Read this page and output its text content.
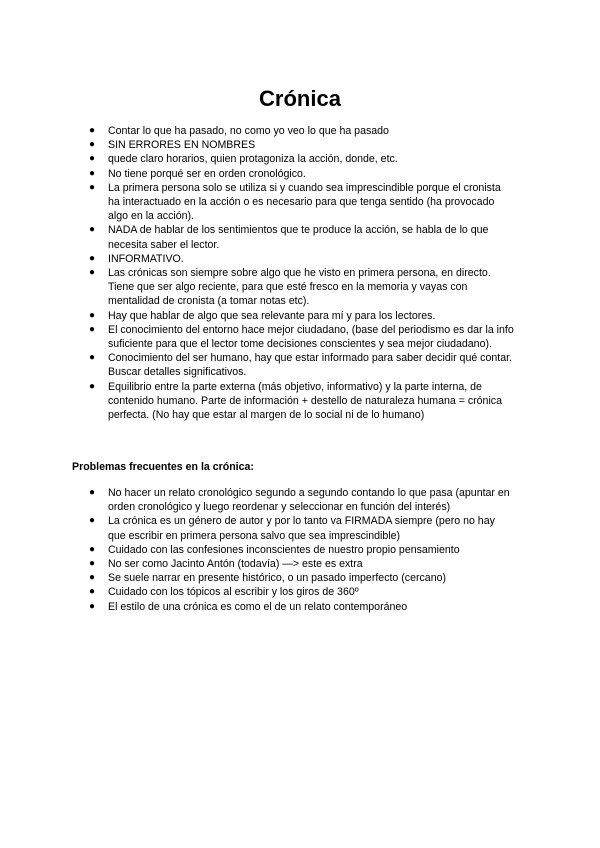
Crónica
● Contar lo que ha pasado, no como yo veo lo que ha pasado
● SIN ERRORES EN NOMBRES
● quede claro horarios, quien protagoniza la acción, donde, etc.
● No tiene porqué ser en orden cronológico.
● La primera persona solo se utiliza si y cuando sea imprescindible porque el cronista ha interactuado en la acción o es necesario para que tenga sentido (ha provocado algo en la acción).
● NADA de hablar de los sentimientos que te produce la acción, se habla de lo que necesita saber el lector.
● INFORMATIVO.
● Las crónicas son siempre sobre algo que he visto en primera persona, en directo. Tiene que ser algo reciente, para que esté fresco en la memoria y vayas con mentalidad de cronista (a tomar notas etc).
● Hay que hablar de algo que sea relevante para mí y para los lectores.
● El conocimiento del entorno hace mejor ciudadano, (base del periodismo es dar la info suficiente para que el lector tome decisiones conscientes y sea mejor ciudadano).
● Conocimiento del ser humano, hay que estar informado para saber decidir qué contar. Buscar detalles significativos.
● Equilibrio entre la parte externa (más objetivo, informativo) y la parte interna, de contenido humano. Parte de información + destello de naturaleza humana = crónica perfecta. (No hay que estar al margen de lo social ni de lo humano)
Problemas frecuentes en la crónica:
● No hacer un relato cronológico segundo a segundo contando lo que pasa (apuntar en orden cronológico y luego reordenar y seleccionar en función del interés)
● La crónica es un género de autor y por lo tanto va FIRMADA siempre (pero no hay que escribir en primera persona salvo que sea imprescindible)
● Cuidado con las confesiones inconscientes de nuestro propio pensamiento
● No ser como Jacinto Antón (todavía) —> este es extra
● Se suele narrar en presente histórico, o un pasado imperfecto (cercano)
● Cuidado con los tópicos al escribir y los giros de 360º
● El estilo de una crónica es como el de un relato contemporáneo
